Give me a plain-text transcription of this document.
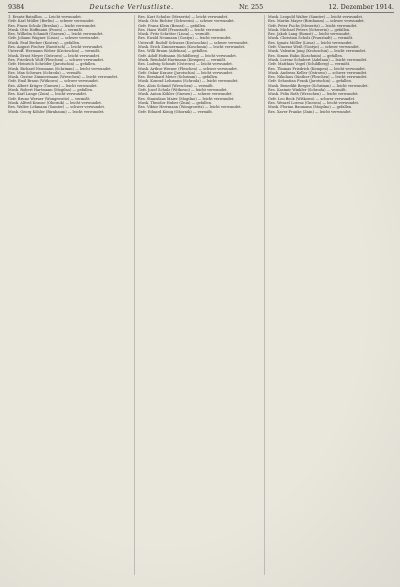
9384	Deutsche Verlustliste.	Nr. 255	12. Dezember 1914.
1. Ersatz-Bataillon. — Leicht verwundet.
Gefr. Karl Müller (Berlin) — schwer verwundet.
Res. Franz Schulz (Breslau) — leicht verwundet.
Musk. Otto Hoffmann (Posen) — vermißt.
Res. Wilhelm Schmidt (Gnesen) — leicht verwundet.
Gefr. Johann Wagner (Lissa) — schwer verwundet.
Musk. Paul Becker (Kosten) — gefallen.
Res. August Fischer (Rawitsch) — leicht verwundet.
Unteroff. Hermann Weber (Krotoschin) — vermißt.
Musk. Ernst Meyer (Ostrowo) — leicht verwundet.
Res. Friedrich Wolf (Pleschen) — schwer verwundet.
Gefr. Heinrich Schröder (Jarotschin) — gefallen.
Musk. Richard Neumann (Schrimm) — leicht verwundet.
Res. Max Schwarz (Schroda) — vermißt.
Musk. Gustav Zimmermann (Wreschen) — leicht verwundet.
Gefr. Emil Braun (Witkowo) — schwer verwundet.
Res. Albert Krüger (Gnesen) — leicht verwundet.
Musk. Robert Hartmann (Mogilno) — gefallen.
Res. Karl Lange (Znin) — leicht verwundet.
Gefr. Bruno Werner (Wongrowitz) — vermißt.
Musk. Alfred Krause (Obornik) — leicht verwundet.
Res. Walter Lehmann (Samter) — schwer verwundet.
Musk. Georg Köhler (Birnbaum) — leicht verwundet.
Res. Kurt Schulze (Meseritz) — leicht verwundet.
Musk. Otto Richter (Schwerin) — schwer verwundet.
Gefr. Franz Klein (Bomst) — gefallen.
Res. Hans Wolff (Fraustadt) — leicht verwundet.
Musk. Fritz Schröter (Lissa) — vermißt.
Res. Ewald Neumann (Gostyn) — leicht verwundet.
Unteroff. Rudolf Schwarz (Krotoschin) — schwer verwundet.
Musk. Erich Zimmermann (Koschmin) — leicht verwundet.
Res. Willi Braun (Adelnau) — gefallen.
Gefr. Adolf Hofmann (Schildberg) — leicht verwundet.
Musk. Reinhold Hartmann (Kempen) — vermißt.
Res. Ludwig Schmitt (Ostrowo) — leicht verwundet.
Musk. Arthur Werner (Pleschen) — schwer verwundet.
Gefr. Oskar Krause (Jarotschin) — leicht verwundet.
Res. Bernhard Meier (Schrimm) — gefallen.
Musk. Konrad Lehmann (Schroda) — leicht verwundet.
Res. Alois Schmid (Wreschen) — vermißt.
Gefr. Josef Schulz (Witkowo) — leicht verwundet.
Musk. Anton Köhler (Gnesen) — schwer verwundet.
Res. Stanislaus Maier (Mogilno) — leicht verwundet.
Musk. Theodor Huber (Znin) — gefallen.
Res. Viktor Herrmann (Wongrowitz) — leicht verwundet.
Gefr. Eduard König (Obornik) — vermißt.
Musk. Leopold Walter (Samter) — leicht verwundet.
Res. Martin Mayer (Birnbaum) — schwer verwundet.
Gefr. Peter Fuchs (Meseritz) — leicht verwundet.
Musk. Michael Peters (Schwerin) — gefallen.
Res. Jakob Lang (Bomst) — leicht verwundet.
Musk. Christian Scholz (Fraustadt) — vermißt.
Res. Ignatz Möller (Lissa) — leicht verwundet.
Gefr. Vinzenz Weiß (Gostyn) — schwer verwundet.
Musk. Valentin Jung (Krotoschin) — leicht verwundet.
Res. Simon Hahn (Koschmin) — gefallen.
Musk. Lorenz Schubert (Adelnau) — leicht verwundet.
Gefr. Matthias Vogel (Schildberg) — vermißt.
Res. Thomas Friedrich (Kempen) — leicht verwundet.
Musk. Andreas Keller (Ostrowo) — schwer verwundet.
Res. Nikolaus Günther (Pleschen) — leicht verwundet.
Gefr. Sebastian Frank (Jarotschin) — gefallen.
Musk. Benedikt Berger (Schrimm) — leicht verwundet.
Res. Kasimir Winkler (Schroda) — vermißt.
Musk. Felix Roth (Wreschen) — leicht verwundet.
Gefr. Leo Beck (Witkowo) — schwer verwundet.
Res. Wenzel Lorenz (Gnesen) — leicht verwundet.
Musk. Florian Baumann (Mogilno) — gefallen.
Res. Xaver Franke (Znin) — leicht verwundet.
